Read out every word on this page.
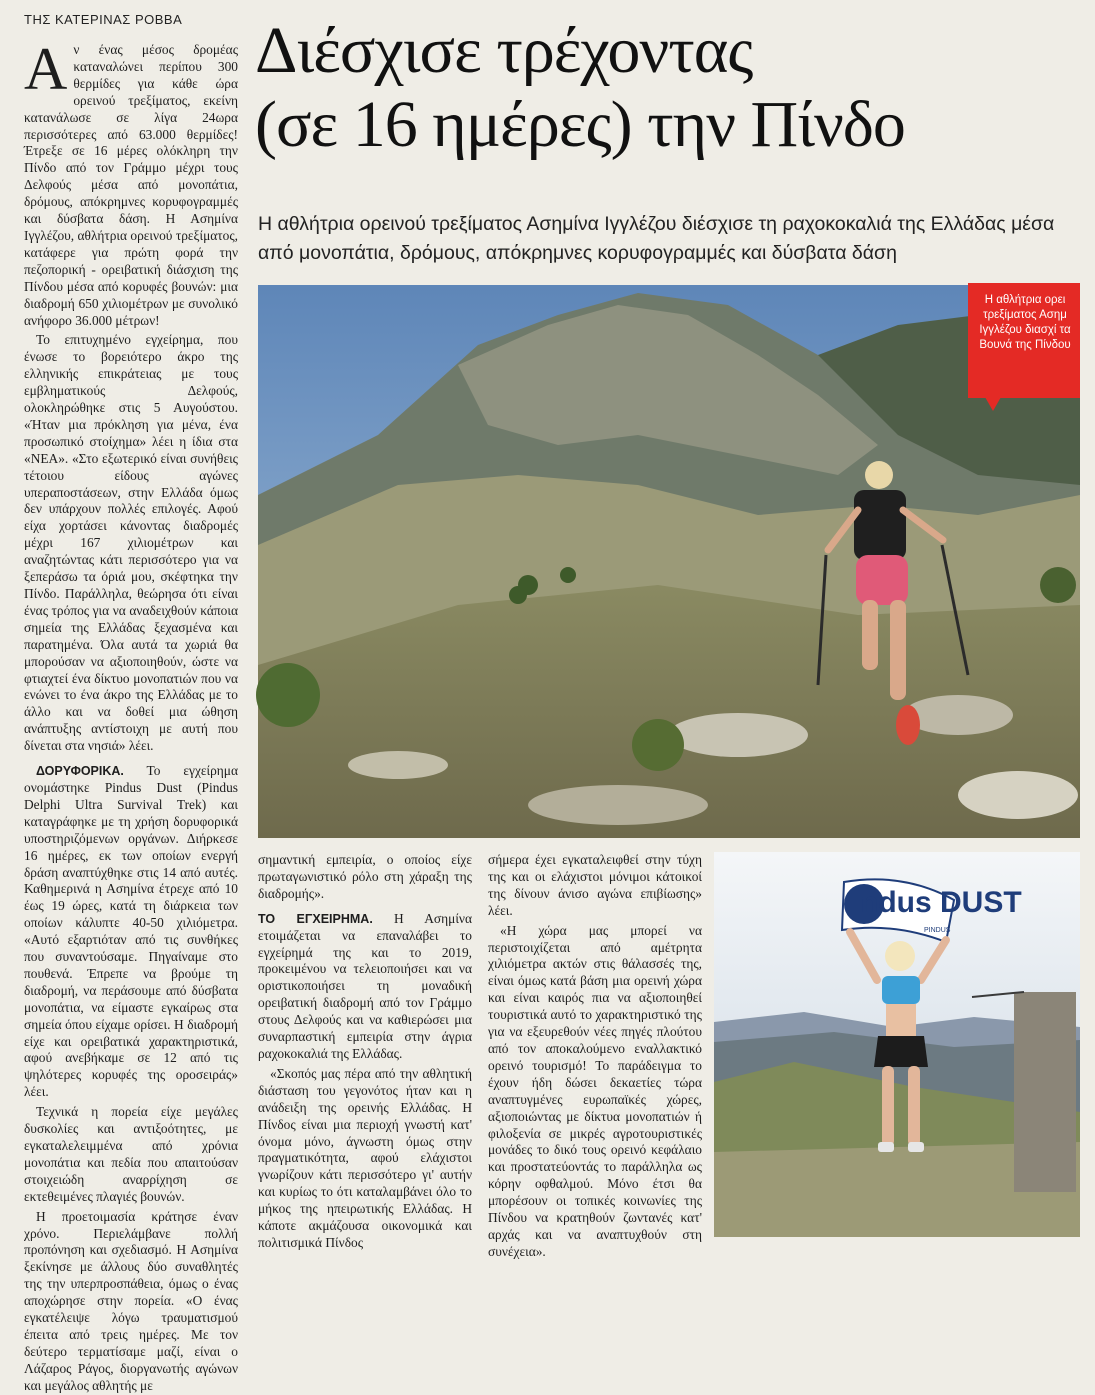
ΤΗΣ ΚΑΤΕΡΙΝΑΣ ΡΟΒΒΑ Διέσχισε τρέχοντας
(σε 16 ημέρες) την Πίνδο
Η αθλήτρια ορεινού τρεξίματος Ασημίνα Ιγγλέζου διέσχισε τη ραχοκοκαλιά της Ελλάδας μέσα από μονοπάτια, δρόμους, απόκρημνες κορυφογραμμές και δύσβατα δάση

Αν ένας μέσος δρομέας καταναλώνει περίπου 300 θερμίδες για κάθε ώρα ορεινού τρεξίματος, εκείνη κατανάλωσε σε λίγα 24ωρα περισσότερες από 63.000 θερμίδες! Έτρεξε σε 16 μέρες ολόκληρη την Πίνδο από τον Γράμμο μέχρι τους Δελφούς μέσα από μονοπάτια, δρόμους, απόκρημνες κορυφογραμμές και δύσβατα δάση. Η Ασημίνα Ιγγλέζου, αθλήτρια ορεινού τρεξίματος, κατάφερε για πρώτη φορά την πεζοπορική - ορειβατική διάσχιση της Πίνδου μέσα από κορυφές βουνών: μια διαδρομή 650 χιλιομέτρων με συνολικό ανήφορο 36.000 μέτρων!

Το επιτυχημένο εγχείρημα, που ένωσε το βορειότερο άκρο της ελληνικής επικράτειας με τους εμβληματικούς Δελφούς, ολοκληρώθηκε στις 5 Αυγούστου. «Ήταν μια πρόκληση για μένα, ένα προσωπικό στοίχημα» λέει η ίδια στα «ΝΕΑ». «Στο εξωτερικό είναι συνήθεις τέτοιου είδους αγώνες υπεραποστάσεων, στην Ελλάδα όμως δεν υπάρχουν πολλές επιλογές. Αφού είχα χορτάσει κάνοντας διαδρομές μέχρι 167 χιλιομέτρων και αναζητώντας κάτι περισσότερο για να ξεπεράσω τα όριά μου, σκέφτηκα την Πίνδο. Παράλληλα, θεώρησα ότι είναι ένας τρόπος για να αναδειχθούν κάποια σημεία της Ελλάδας ξεχασμένα και παρατημένα. Όλα αυτά τα χωριά θα μπορούσαν να αξιοποιηθούν, ώστε να φτιαχτεί ένα δίκτυο μονοπατιών που να ενώνει το ένα άκρο της Ελλάδας με το άλλο και να δοθεί μια ώθηση ανάπτυξης αντίστοιχη με αυτή που δίνεται στα νησιά» λέει.

ΔΟΡΥΦΟΡΙΚΑ. Το εγχείρημα ονομάστηκε Pindus Dust (Pindus Delphi Ultra Survival Trek) και καταγράφηκε με τη χρήση δορυφορικά υποστηριζόμενων οργάνων. Διήρκεσε 16 ημέρες, εκ των οποίων ενεργή δράση αναπτύχθηκε στις 14 από αυτές. Καθημερινά η Ασημίνα έτρεχε από 10 έως 19 ώρες, κατά τη διάρκεια των οποίων κάλυπτε 40-50 χιλιόμετρα. «Αυτό εξαρτιόταν από τις συνθήκες που συναντούσαμε. Πηγαίναμε στο πουθενά. Έπρεπε να βρούμε τη διαδρομή, να περάσουμε από δύσβατα μονοπάτια, να είμαστε εγκαίρως στα σημεία όπου είχαμε ορίσει. Η διαδρομή είχε και ορειβατικά χαρακτηριστικά, αφού ανεβήκαμε σε 12 από τις ψηλότερες κορυφές της οροσειράς» λέει.

Τεχνικά η πορεία είχε μεγάλες δυσκολίες και αντιξοότητες, με εγκαταλελειμμένα από χρόνια μονοπάτια και πεδία που απαιτούσαν στοιχειώδη αναρρίχηση σε εκτεθειμένες πλαγιές βουνών.

Η προετοιμασία κράτησε έναν χρόνο. Περιελάμβανε πολλή προπόνηση και σχεδιασμό. Η Ασημίνα ξεκίνησε με άλλους δύο συναθλητές της την υπερπροσπάθεια, όμως ο ένας αποχώρησε στην πορεία. «Ο ένας εγκατέλειψε λόγω τραυματισμού έπειτα από τρεις ημέρες. Με τον δεύτερο τερματίσαμε μαζί, είναι ο Λάζαρος Ράγος, διοργανωτής αγώνων και μεγάλος αθλητής με

Η αθλήτρια ορει τρεξίματος Ασημ Ιγγλέζου διασχί τα Βουνά της Πίνδου

σημαντική εμπειρία, ο οποίος είχε πρωταγωνιστικό ρόλο στη χάραξη της διαδρομής».

ΤΟ ΕΓΧΕΙΡΗΜΑ. Η Ασημίνα ετοιμάζεται να επαναλάβει το εγχείρημά της και το 2019, προκειμένου να τελειοποιήσει και να οριστικοποιήσει τη μοναδική ορειβατική διαδρομή από τον Γράμμο στους Δελφούς και να καθιερώσει μια συναρπαστική εμπειρία στην άγρια ραχοκοκαλιά της Ελλάδας.

«Σκοπός μας πέρα από την αθλητική διάσταση του γεγονότος ήταν και η ανάδειξη της ορεινής Ελλάδας. Η Πίνδος είναι μια περιοχή γνωστή κατ' όνομα μόνο, άγνωστη όμως στην πραγματικότητα, αφού ελάχιστοι γνωρίζουν κάτι περισσότερο γι' αυτήν και κυρίως το ότι καταλαμβάνει όλο το μήκος της ηπειρωτικής Ελλάδας. Η κάποτε ακμάζουσα οικονομικά και πολιτισμικά Πίνδος

σήμερα έχει εγκαταλειφθεί στην τύχη της και οι ελάχιστοι μόνιμοι κάτοικοί της δίνουν άνισο αγώνα επιβίωσης» λέει.

«Η χώρα μας μπορεί να περιστοιχίζεται από αμέτρητα χιλιόμετρα ακτών στις θάλασσές της, είναι όμως κατά βάση μια ορεινή χώρα και είναι καιρός πια να αξιοποιηθεί τουριστικά αυτό το χαρακτηριστικό της για να εξευρεθούν νέες πηγές πλούτου από τον αποκαλούμενο εναλλακτικό ορεινό τουρισμό! Το παράδειγμα το έχουν ήδη δώσει δεκαετίες τώρα αναπτυγμένες ευρωπαϊκές χώρες, αξιοποιώντας με δίκτυα μονοπατιών ή φιλοξενία σε μικρές αγροτουριστικές μονάδες το δικό τους ορεινό κεφάλαιο και προστατεύοντάς το παράλληλα ως κόρην οφθαλμού. Μόνο έτσι θα μπορέσουν οι τοπικές κοινωνίες της Πίνδου να κρατηθούν ζωντανές κατ' αρχάς και να αναπτυχθούν στη συνέχεια».

ndus DUST
PINDUS
